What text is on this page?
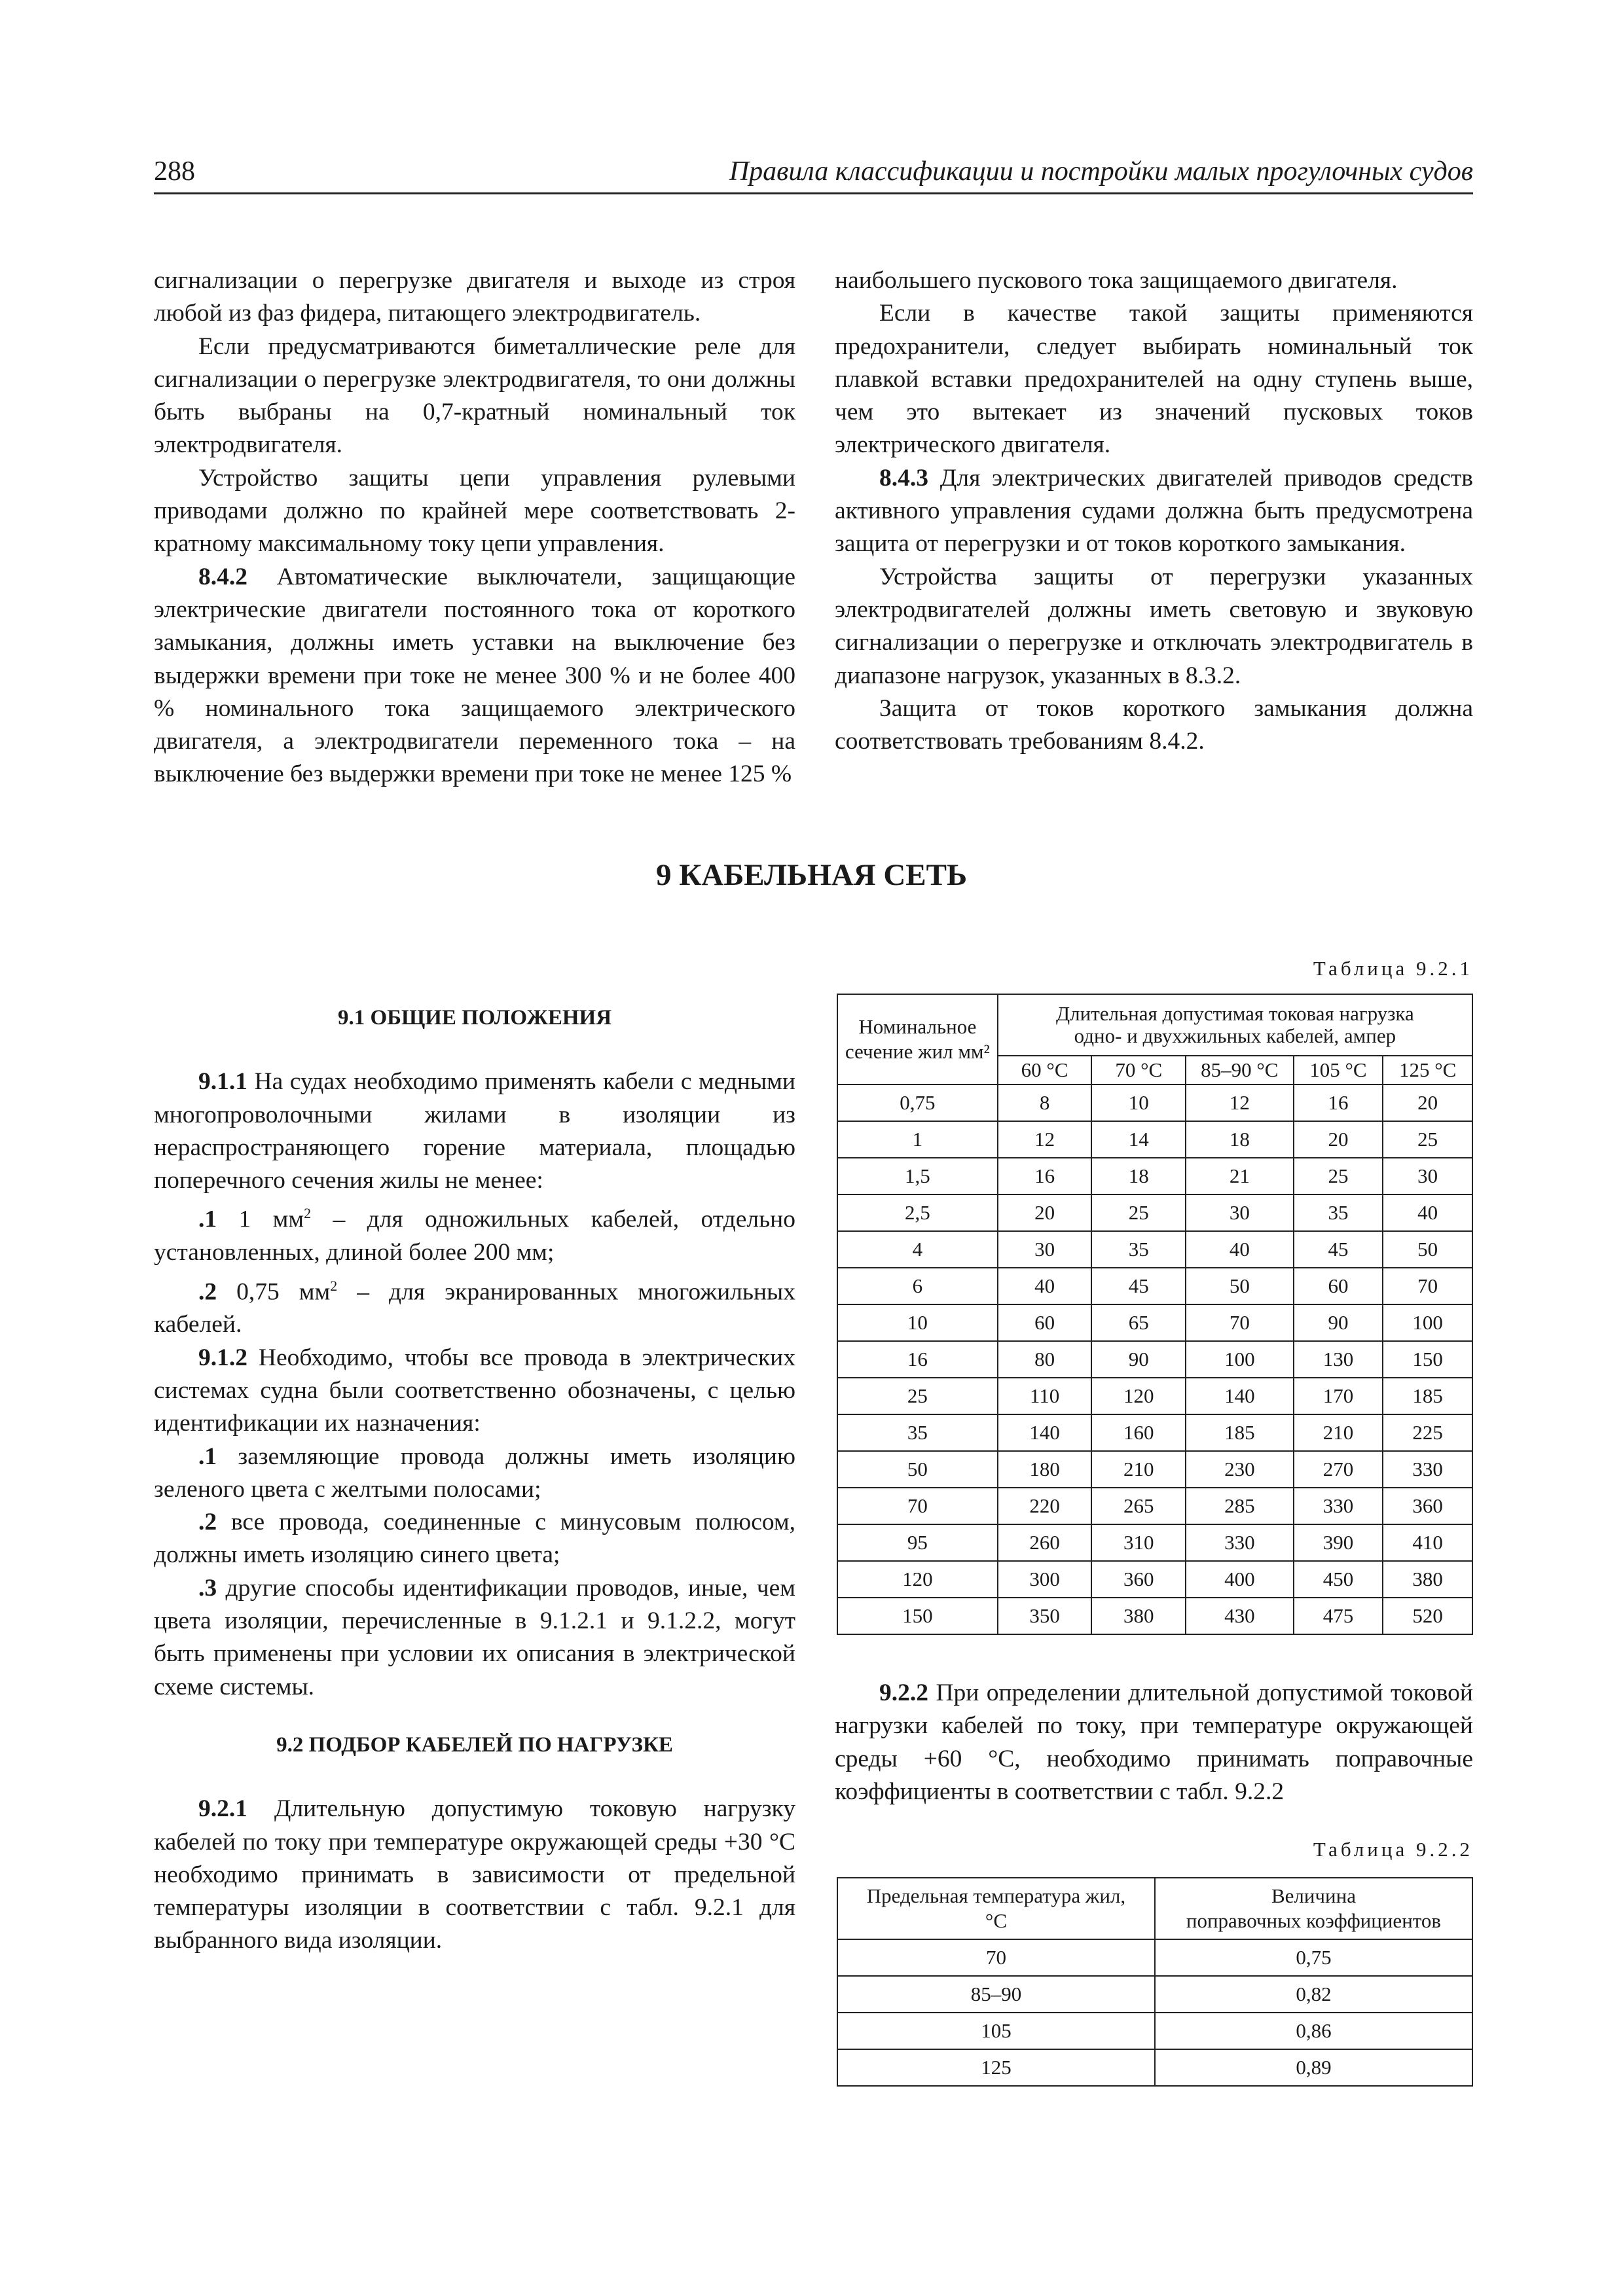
288	Правила классификации и постройки малых прогулочных судов

сигнализации о перегрузке двигателя и выходе из строя любой из фаз фидера, питающего электродвигатель.

Если предусматриваются биметаллические реле для сигнализации о перегрузке электродвигателя, то они должны быть выбраны на 0,7-кратный номинальный ток электродвигателя.

Устройство защиты цепи управления рулевыми приводами должно по крайней мере соответствовать 2-кратному максимальному току цепи управления.

8.4.2 Автоматические выключатели, защищающие электрические двигатели постоянного тока от короткого замыкания, должны иметь уставки на выключение без выдержки времени при токе не менее 300 % и не более 400 % номинального тока защищаемого электрического двигателя, а электродвигатели переменного тока – на выключение без выдержки времени при токе не менее 125 %

наибольшего пускового тока защищаемого двигателя.

Если в качестве такой защиты применяются предохранители, следует выбирать номинальный ток плавкой вставки предохранителей на одну ступень выше, чем это вытекает из значений пусковых токов электрического двигателя.

8.4.3 Для электрических двигателей приводов средств активного управления судами должна быть предусмотрена защита от перегрузки и от токов короткого замыкания.

Устройства защиты от перегрузки указанных электродвигателей должны иметь световую и звуковую сигнализации о перегрузке и отключать электродвигатель в диапазоне нагрузок, указанных в 8.3.2.

Защита от токов короткого замыкания должна соответствовать требованиям 8.4.2.

9 КАБЕЛЬНАЯ СЕТЬ

9.1 ОБЩИЕ ПОЛОЖЕНИЯ

9.1.1 На судах необходимо применять кабели с медными многопроволочными жилами в изоляции из нераспространяющего горение материала, площадью поперечного сечения жилы не менее:

.1 1 $мм^2$ – для одножильных кабелей, отдельно установленных, длиной более 200 мм;

.2 0,75 $мм^2$ – для экранированных многожильных кабелей.

9.1.2 Необходимо, чтобы все провода в электрических системах судна были соответственно обозначены, с целью идентификации их назначения:

.1 заземляющие провода должны иметь изоляцию зеленого цвета с желтыми полосами;

.2 все провода, соединенные с минусовым полюсом, должны иметь изоляцию синего цвета;

.3 другие способы идентификации проводов, иные, чем цвета изоляции, перечисленные в 9.1.2.1 и 9.1.2.2, могут быть применены при условии их описания в электрической схеме системы.

9.2 ПОДБОР КАБЕЛЕЙ ПО НАГРУЗКЕ

9.2.1 Длительную допустимую токовую нагрузку кабелей по току при температуре окружающей среды +30 °С необходимо принимать в зависимости от предельной температуры изоляции в соответствии с табл. 9.2.1 для выбранного вида изоляции.

Таблица 9.2.1
Номинальное сечение жил мм²	Длительная допустимая токовая нагрузка
одно- и двухжильных кабелей, ампер				
	60 °С	70 °С	85–90 °С	105 °С	125 °С
0,75	8	10	12	16	20
1	12	14	18	20	25
1,5	16	18	21	25	30
2,5	20	25	30	35	40
4	30	35	40	45	50
6	40	45	50	60	70
10	60	65	70	90	100
16	80	90	100	130	150
25	110	120	140	170	185
35	140	160	185	210	225
50	180	210	230	270	330
70	220	265	285	330	360
95	260	310	330	390	410
120	300	360	400	450	380
150	350	380	430	475	520

9.2.2 При определении длительной допустимой токовой нагрузки кабелей по току, при температуре окружающей среды +60 °С, необходимо принимать поправочные коэффициенты в соответствии с табл. 9.2.2

Таблица 9.2.2
Предельная температура жил,
°С	Величина
поправочных коэффициентов
70	0,75
85–90	0,82
105	0,86
125	0,89
